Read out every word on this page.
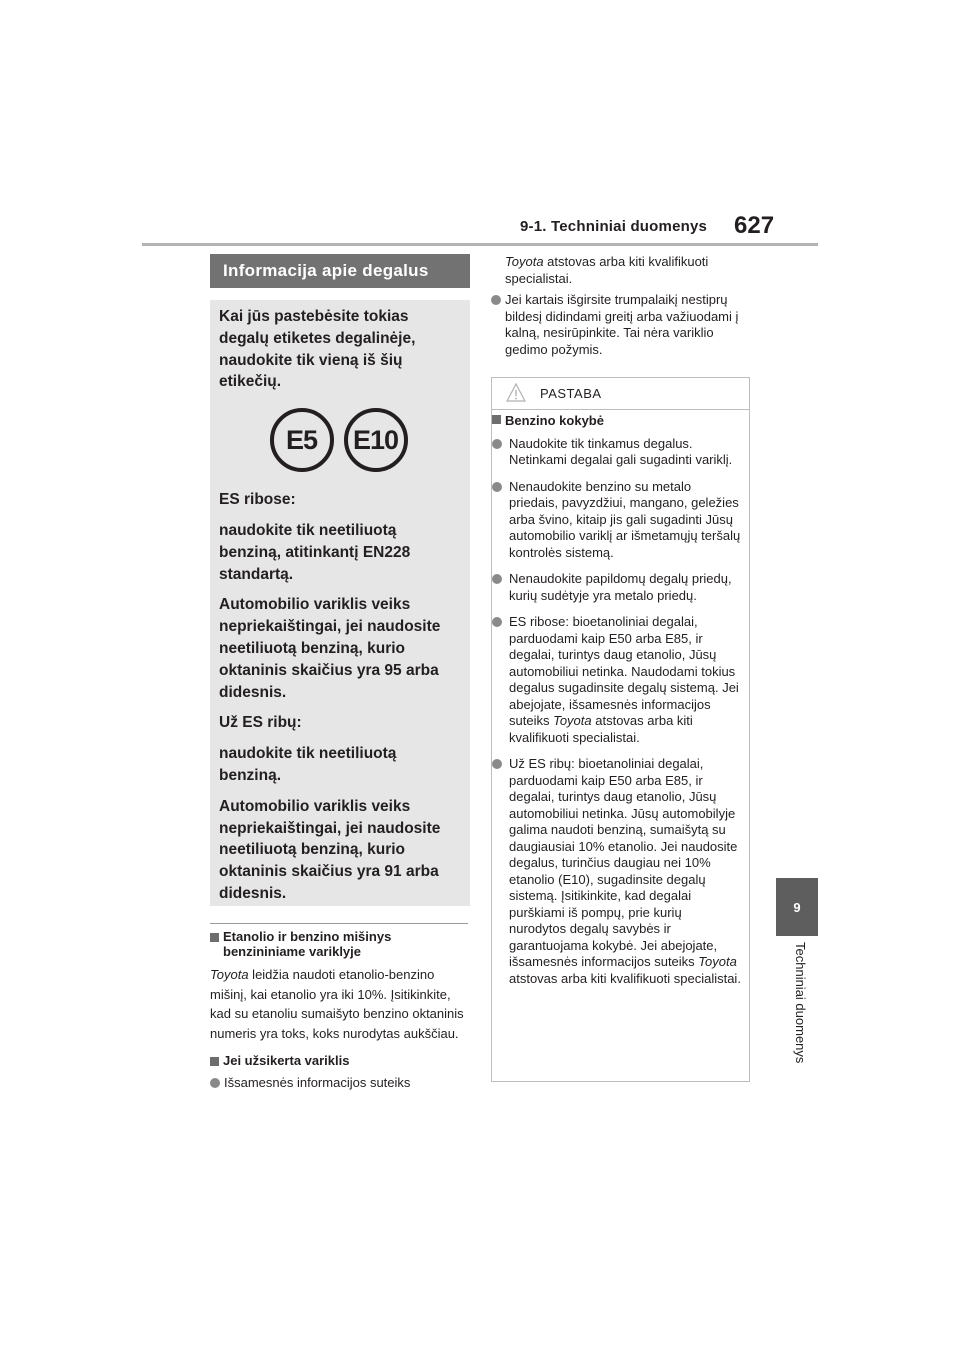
9-1. Techniniai duomenys 627
9
Techniniai duomenys
Informacija apie degalus

Kai jūs pastebėsite tokias degalų etiketes degalinėje, naudokite tik vieną iš šių etikečių.

E5	E10

ES ribose:

naudokite tik neetiliuotą benziną, atitinkantį EN228 standartą.

Automobilio variklis veiks nepriekaištingai, jei naudosite neetiliuotą benziną, kurio oktaninis skaičius yra 95 arba didesnis.

Už ES ribų:

naudokite tik neetiliuotą benziną.

Automobilio variklis veiks nepriekaištingai, jei naudosite neetiliuotą benziną, kurio oktaninis skaičius yra 91 arba didesnis.

Etanolio ir benzino mišinys benzininiame variklyje
Toyota leidžia naudoti etanolio-benzino mišinį, kai etanolio yra iki 10%. Įsitikinkite, kad su etanoliu sumaišyto benzino oktaninis numeris yra toks, koks nurodytas aukščiau.
Jei užsikerta variklis
Išsamesnės informacijos suteiks
Toyota atstovas arba kiti kvalifikuoti specialistai.
Jei kartais išgirsite trumpalaikį nestiprų bildesį didindami greitį arba važiuodami į kalną, nesirūpinkite. Tai nėra variklio gedimo požymis.
PASTABA
Benzino kokybė
Naudokite tik tinkamus degalus. Netinkami degalai gali sugadinti variklį.
Nenaudokite benzino su metalo priedais, pavyzdžiui, mangano, geležies arba švino, kitaip jis gali sugadinti Jūsų automobilio variklį ar išmetamųjų teršalų kontrolės sistemą.
Nenaudokite papildomų degalų priedų, kurių sudėtyje yra metalo priedų.
ES ribose: bioetanoliniai degalai, parduodami kaip E50 arba E85, ir degalai, turintys daug etanolio, Jūsų automobiliui netinka. Naudodami tokius degalus sugadinsite degalų sistemą. Jei abejojate, išsamesnės informacijos suteiks Toyota atstovas arba kiti kvalifikuoti specialistai.
Už ES ribų: bioetanoliniai degalai, parduodami kaip E50 arba E85, ir degalai, turintys daug etanolio, Jūsų automobiliui netinka. Jūsų automobilyje galima naudoti benziną, sumaišytą su daugiausiai 10% etanolio. Jei naudosite degalus, turinčius daugiau nei 10% etanolio (E10), sugadinsite degalų sistemą. Įsitikinkite, kad degalai purškiami iš pompų, prie kurių nurodytos degalų savybės ir garantuojama kokybė. Jei abejojate, išsamesnės informacijos suteiks Toyota atstovas arba kiti kvalifikuoti specialistai.
